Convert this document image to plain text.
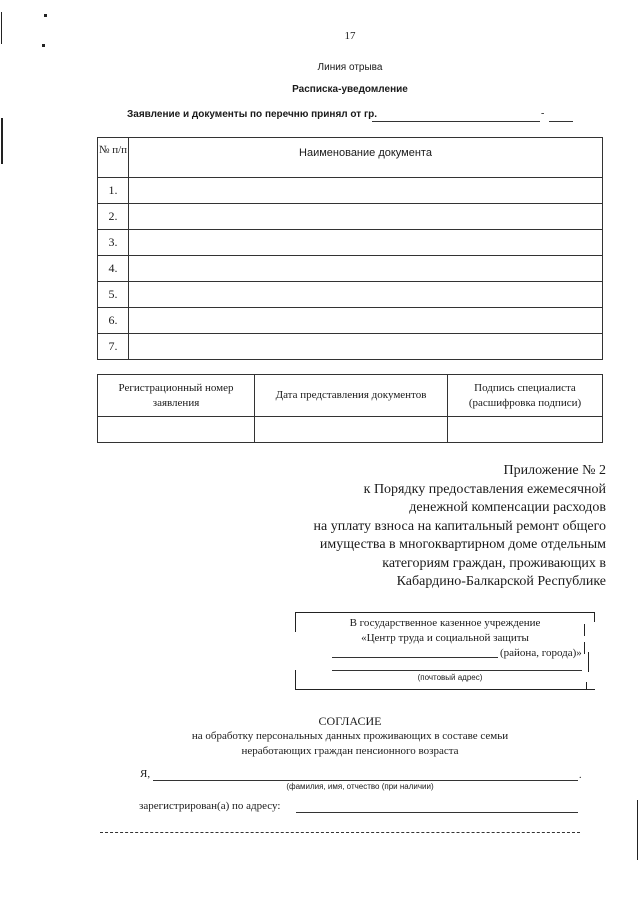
17
Линия отрыва
Расписка-уведомление
Заявление и документы по перечню принял от гр.	-
№ п/п	Наименование документа
1.	
2.	
3.	
4.	
5.	
6.	
7.	
Регистрационный номер заявления	Дата представления документов	Подпись специалиста (расшифровка подписи)

Приложение № 2
к Порядку предоставления ежемесячной
денежной компенсации расходов
на уплату взноса на капитальный ремонт общего
имущества в многоквартирном доме отдельным
категориям граждан, проживающих в
Кабардино-Балкарской Республике
В государственное казенное учреждение
«Центр труда и социальной защиты
(района, города)»
(почтовый адрес)
СОГЛАСИЕ
на обработку персональных данных проживающих в составе семьи
неработающих граждан пенсионного возраста
Я,	.
(фамилия, имя, отчество (при наличии)
зарегистрирован(а) по адресу:
